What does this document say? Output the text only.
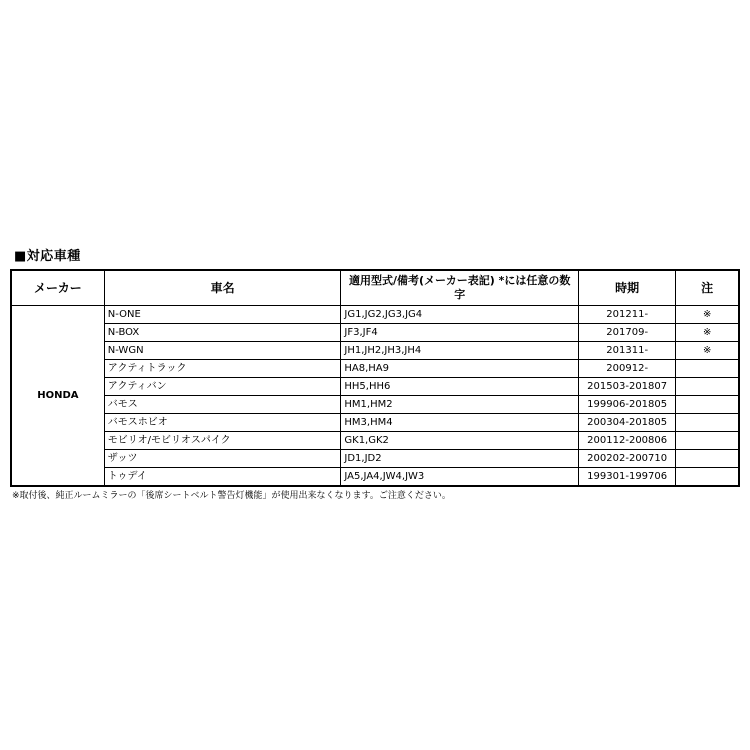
■対応車種
メーカー	車名	適用型式/備考(メーカー表記) *には任意の数字	時期	注
HONDA	N-ONE	JG1,JG2,JG3,JG4	201211-	※
	N-BOX	JF3,JF4	201709-	※
	N-WGN	JH1,JH2,JH3,JH4	201311-	※
	アクティトラック	HA8,HA9	200912-	
	アクティバン	HH5,HH6	201503-201807	
	バモス	HM1,HM2	199906-201805	
	バモスホビオ	HM3,HM4	200304-201805	
	モビリオ/モビリオスパイク	GK1,GK2	200112-200806	
	ザッツ	JD1,JD2	200202-200710	
	トゥデイ	JA5,JA4,JW4,JW3	199301-199706	
※取付後、純正ルームミラーの「後席シートベルト警告灯機能」が使用出来なくなります。ご注意ください。
